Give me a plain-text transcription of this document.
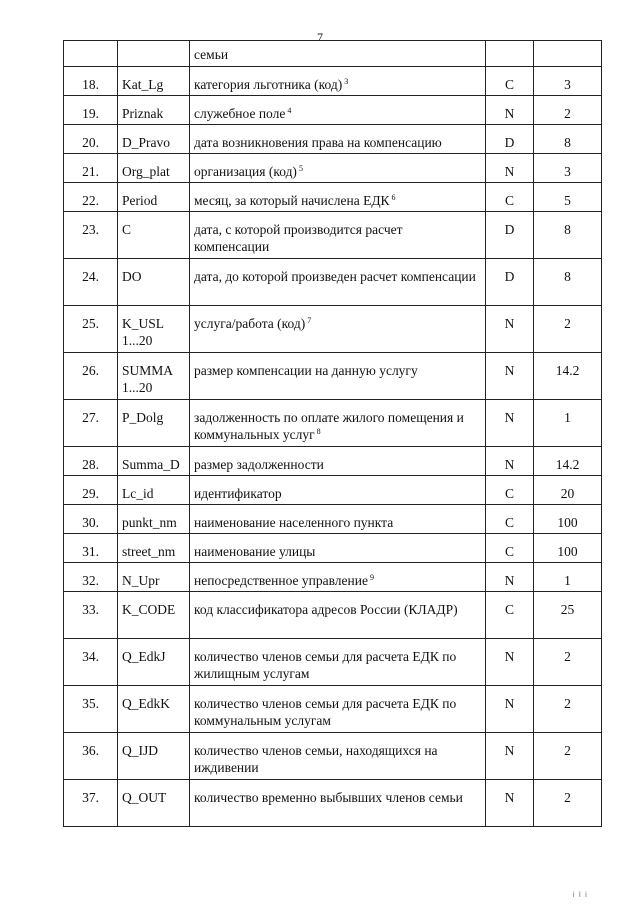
7
		семьи		
18.	Kat_Lg	категория льготника (код) $^3$	C	3
19.	Priznak	служебное поле $^4$	N	2
20.	D_Pravo	дата возникновения права на компенсацию	D	8
21.	Org_plat	организация (код) $^5$	N	3
22.	Period	месяц, за который начислена ЕДК $^6$	C	5
23.	C	дата, с которой производится расчет компенсации	D	8
24.	DO	дата, до которой произведен расчет компенсации	D	8
25.	K_USL 1...20	услуга/работа (код) $^7$	N	2
26.	SUMMA 1...20	размер компенсации на данную услугу	N	14.2
27.	P_Dolg	задолженность по оплате жилого помещения и коммунальных услуг $^8$	N	1
28.	Summa_D	размер задолженности	N	14.2
29.	Lc_id	идентификатор	C	20
30.	punkt_nm	наименование населенного пункта	C	100
31.	street_nm	наименование улицы	C	100
32.	N_Upr	непосредственное управление $^9$	N	1
33.	K_CODE	код классификатора адресов России (КЛАДР)	C	25
34.	Q_EdkJ	количество членов семьи для расчета ЕДК по жилищным услугам	N	2
35.	Q_EdkK	количество членов семьи для расчета ЕДК по коммунальным услугам	N	2
36.	Q_IJD	количество членов семьи, находящихся на иждивении	N	2
37.	Q_OUT	количество временно выбывших членов семьи	N	2
i l i
